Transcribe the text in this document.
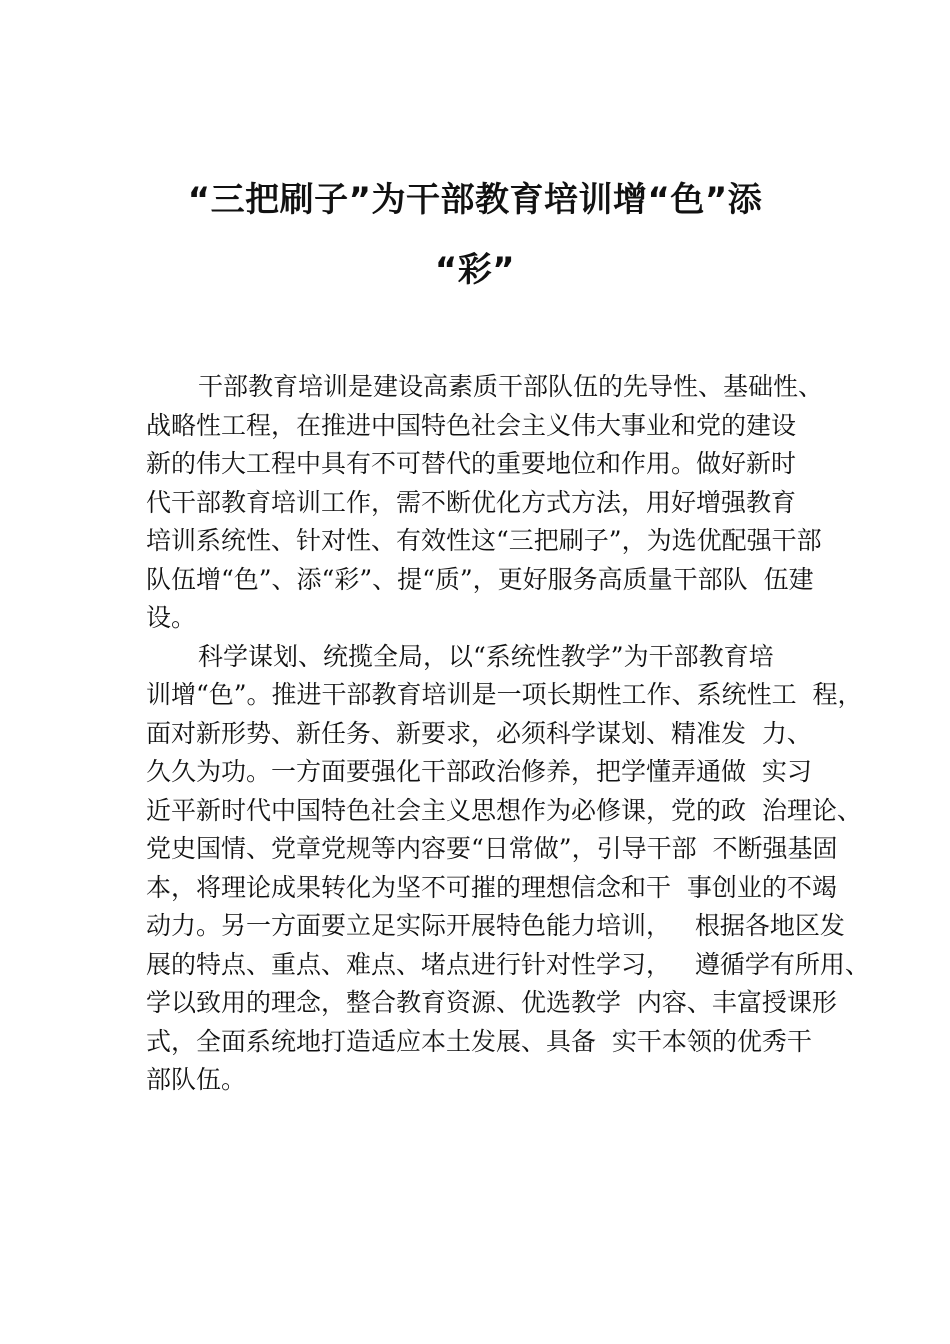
“三把刷子”为干部教育培训增“色”添
“彩”
干部教育培训是建设高素质干部队伍的先导性、基础性、
战略性工程，在推进中国特色社会主义伟大事业和党的建设
新的伟大工程中具有不可替代的重要地位和作用。做好新时
代干部教育培训工作，需不断优化方式方法，用好增强教育
培训系统性、针对性、有效性这“三把刷子”，为选优配强干部
队伍增“色”、添“彩”、提“质”，更好服务高质量干部队  伍建
设。
科学谋划、统揽全局，以“系统性教学”为干部教育培
训增“色”。推进干部教育培训是一项长期性工作、系统性工  程，
面对新形势、新任务、新要求，必须科学谋划、精准发  力、
久久为功。一方面要强化干部政治修养，把学懂弄通做  实习
近平新时代中国特色社会主义思想作为必修课，党的政  治理论、
党史国情、党章党规等内容要“日常做”，引导干部  不断强基固
本，将理论成果转化为坚不可摧的理想信念和干  事创业的不竭
动力。另一方面要立足实际开展特色能力培训，   根据各地区发
展的特点、重点、难点、堵点进行针对性学习，   遵循学有所用、
学以致用的理念，整合教育资源、优选教学  内容、丰富授课形
式，全面系统地打造适应本土发展、具备  实干本领的优秀干
部队伍。
